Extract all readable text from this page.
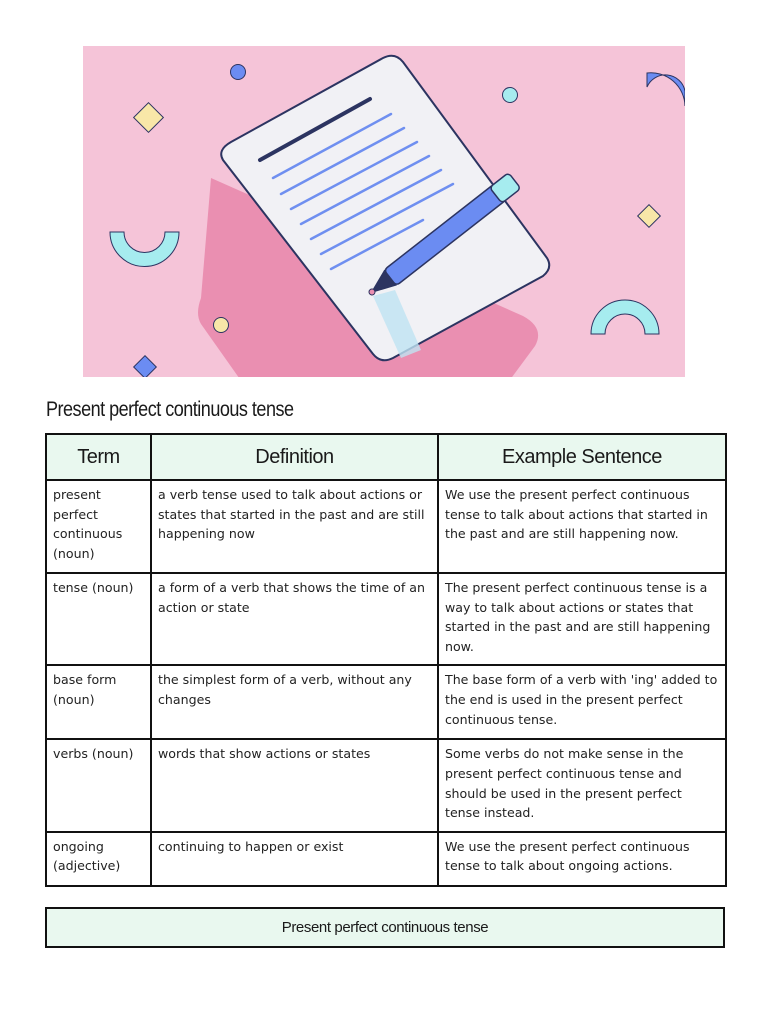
Present perfect continuous tense
Term	Definition	Example Sentence
present perfect continuous (noun)	a verb tense used to talk about actions or states that started in the past and are still happening now	We use the present perfect continuous tense to talk about actions that started in the past and are still happening now.
tense (noun)	a form of a verb that shows the time of an action or state	The present perfect continuous tense is a way to talk about actions or states that started in the past and are still happening now.
base form (noun)	the simplest form of a verb, without any changes	The base form of a verb with 'ing' added to the end is used in the present perfect continuous tense.
verbs (noun)	words that show actions or states	Some verbs do not make sense in the present perfect continuous tense and should be used in the present perfect tense instead.
ongoing (adjective)	continuing to happen or exist	We use the present perfect continuous tense to talk about ongoing actions.
Present perfect continuous tense
